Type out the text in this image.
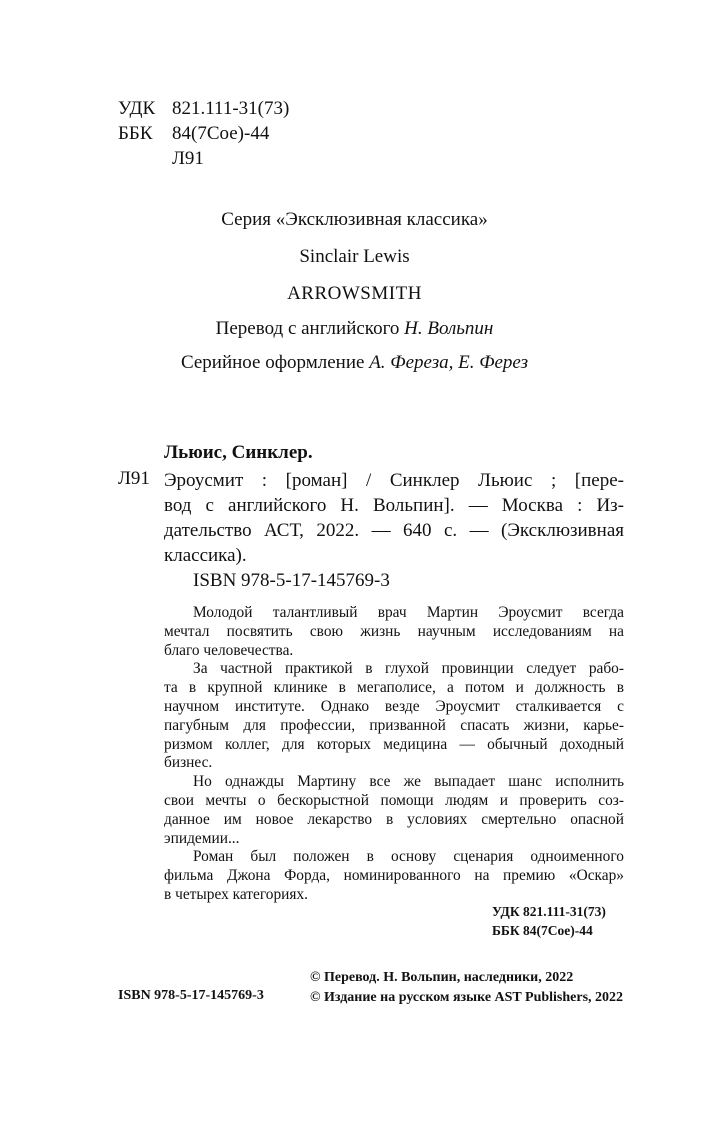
УДК 821.111-31(73)
ББК 84(7Сое)-44
Л91
Серия «Эксклюзивная классика»
Sinclair Lewis
ARROWSMITH
Перевод с английского Н. Вольпин
Серийное оформление А. Фереза, Е. Ферез
Льюис, Синклер.
Л91 Эроусмит : [роман] / Синклер Льюис ; [пере-
вод с английского Н. Вольпин]. — Москва : Из-
дательство АСТ, 2022. — 640 с. — (Эксклюзивная
классика).
ISBN 978-5-17-145769-3
Молодой талантливый врач Мартин Эроусмит всегда
мечтал посвятить свою жизнь научным исследованиям на
благо человечества.
За частной практикой в глухой провинции следует рабо-
та в крупной клинике в мегаполисе, а потом и должность в
научном институте. Однако везде Эроусмит сталкивается с
пагубным для профессии, призванной спасать жизни, карье-
ризмом коллег, для которых медицина — обычный доходный
бизнес.
Но однажды Мартину все же выпадает шанс исполнить
свои мечты о бескорыстной помощи людям и проверить соз-
данное им новое лекарство в условиях смертельно опасной
эпидемии...
Роман был положен в основу сценария одноименного
фильма Джона Форда, номинированного на премию «Оскар»
в четырех категориях.
УДК 821.111-31(73)
ББК 84(7Сое)-44
© Перевод. Н. Вольпин, наследники, 2022
© Издание на русском языке AST Publishers, 2022
ISBN 978-5-17-145769-3
